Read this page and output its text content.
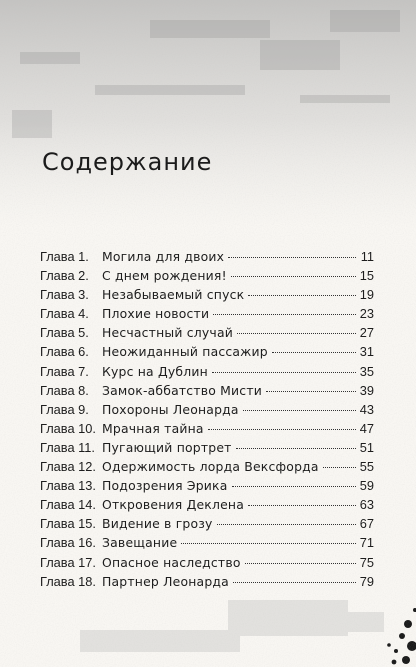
Содержание
Глава 1.	Могила для двоих	11
Глава 2.	С днем рождения!	15
Глава 3.	Незабываемый спуск	19
Глава 4.	Плохие новости	23
Глава 5.	Несчастный случай	27
Глава 6.	Неожиданный пассажир	31
Глава 7.	Курс на Дублин	35
Глава 8.	Замок-аббатство Мисти	39
Глава 9.	Похороны Леонарда	43
Глава 10. Мрачная тайна	47
Глава 11. Пугающий портрет	51
Глава 12. Одержимость лорда Вексфорда	55
Глава 13. Подозрения Эрика	59
Глава 14. Откровения Деклена	63
Глава 15. Видение в грозу	67
Глава 16. Завещание	71
Глава 17. Опасное наследство	75
Глава 18. Партнер Леонарда	79
